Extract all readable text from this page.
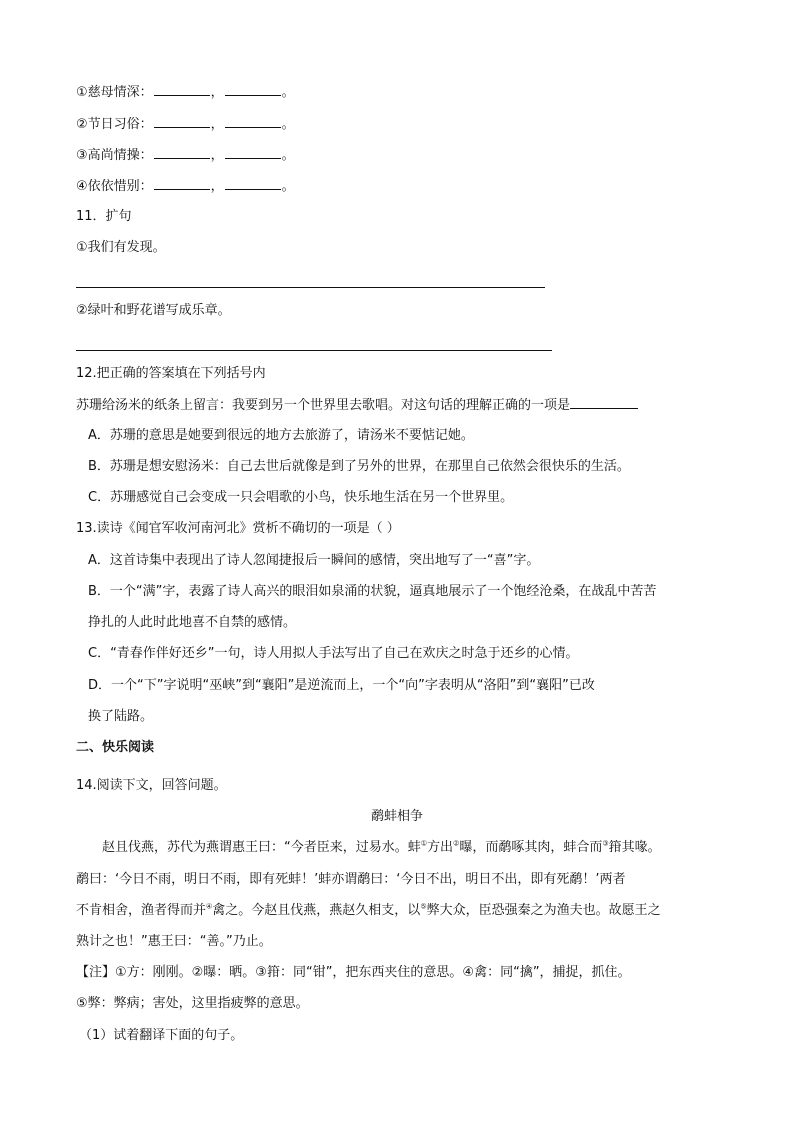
①慈母情深：	，	。
②节日习俗：	，	。
③高尚情操：	，	。
④依依惜别：	，	。
11．扩句
①我们有发现。
②绿叶和野花谱写成乐章。
12.把正确的答案填在下列括号内
苏珊给汤米的纸条上留言：我要到另一个世界里去歌唱。对这句话的理解正确的一项是
A．苏珊的意思是她要到很远的地方去旅游了，请汤米不要惦记她。
B．苏珊是想安慰汤米：自己去世后就像是到了另外的世界，在那里自己依然会很快乐的生活。
C．苏珊感觉自己会变成一只会唱歌的小鸟，快乐地生活在另一个世界里。
13.读诗《闻官军收河南河北》赏析不确切的一项是（ ）
A．这首诗集中表现出了诗人忽闻捷报后一瞬间的感情，突出地写了一“喜”字。
B．一个“满”字，表露了诗人高兴的眼泪如泉涌的状貌，逼真地展示了一个饱经沧桑，在战乱中苦苦
挣扎的人此时此地喜不自禁的感情。
C．“青春作伴好还乡”一句，诗人用拟人手法写出了自己在欢庆之时急于还乡的心情。
D．一个“下”字说明“巫峡”到“襄阳”是逆流而上，一个“向”字表明从“洛阳”到“襄阳”已改
换了陆路。
二、快乐阅读
14.阅读下文，回答问题。
鹬蚌相争
赵且伐燕，苏代为燕谓惠王曰：“今者臣来，过易水。蚌①方出②曝，而鹬啄其肉，蚌合而③箝其喙。
鹬曰：‘今日不雨，明日不雨，即有死蚌！’蚌亦谓鹬曰：‘今日不出，明日不出，即有死鹬！’两者
不肯相舍，渔者得而并④禽之。今赵且伐燕，燕赵久相支，以⑤弊大众，臣恐强秦之为渔夫也。故愿王之
熟计之也！”惠王曰：“善。”乃止。
【注】①方：刚刚。②曝：晒。③箝：同“钳”，把东西夹住的意思。④禽：同“擒”，捕捉，抓住。
⑤弊：弊病；害处，这里指疲弊的意思。
（1）试着翻译下面的句子。
